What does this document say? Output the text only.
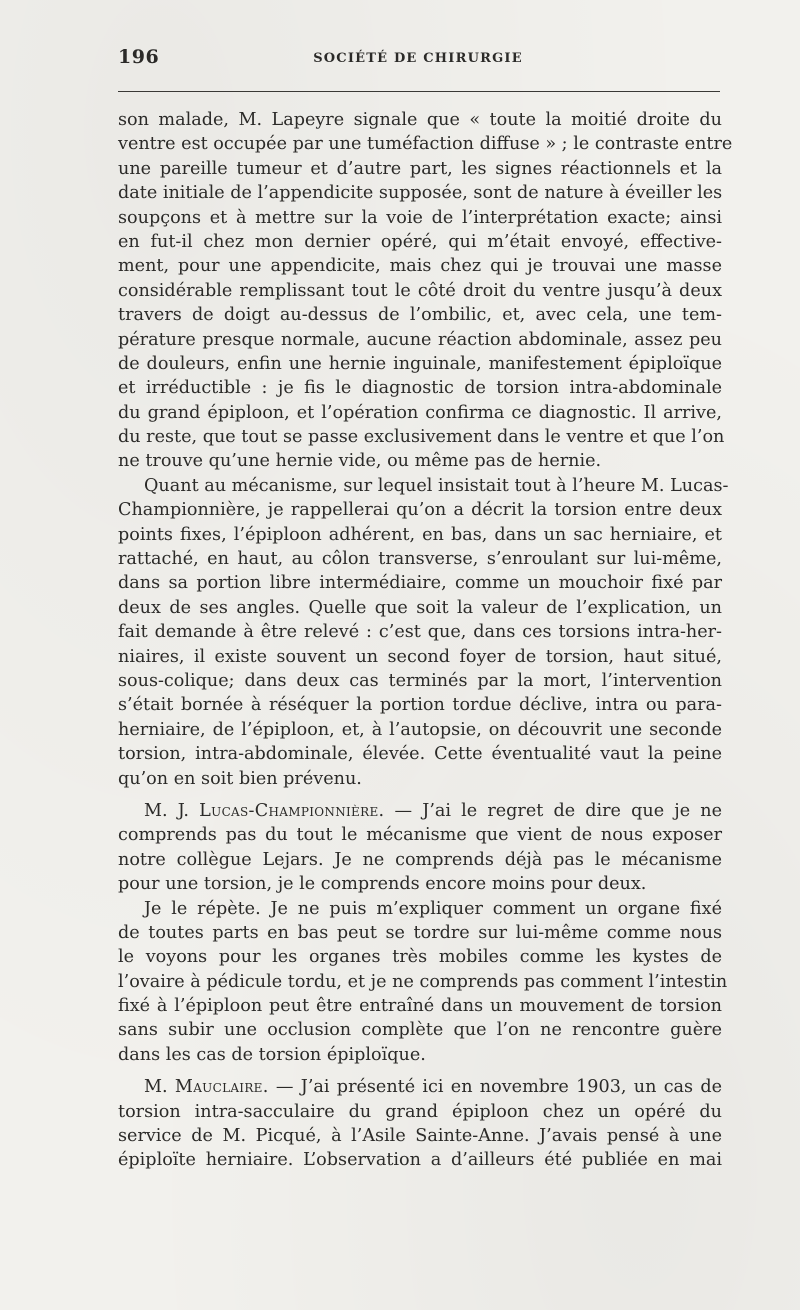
196	SOCIÉTÉ DE CHIRURGIE
son malade, M. Lapeyre signale que « toute la moitié droite du
ventre est occupée par une tuméfaction diffuse » ; le contraste entre
une pareille tumeur et d’autre part, les signes réactionnels et la
date initiale de l’appendicite supposée, sont de nature à éveiller les
soupçons et à mettre sur la voie de l’interprétation exacte; ainsi
en fut-il chez mon dernier opéré, qui m’était envoyé, effective-
ment, pour une appendicite, mais chez qui je trouvai une masse
considérable remplissant tout le côté droit du ventre jusqu’à deux
travers de doigt au-dessus de l’ombilic, et, avec cela, une tem-
pérature presque normale, aucune réaction abdominale, assez peu
de douleurs, enfin une hernie inguinale, manifestement épiploïque
et irréductible : je fis le diagnostic de torsion intra-abdominale
du grand épiploon, et l’opération confirma ce diagnostic. Il arrive,
du reste, que tout se passe exclusivement dans le ventre et que l’on
ne trouve qu’une hernie vide, ou même pas de hernie.
Quant au mécanisme, sur lequel insistait tout à l’heure M. Lucas-
Championnière, je rappellerai qu’on a décrit la torsion entre deux
points fixes, l’épiploon adhérent, en bas, dans un sac herniaire, et
rattaché, en haut, au côlon transverse, s’enroulant sur lui-même,
dans sa portion libre intermédiaire, comme un mouchoir fixé par
deux de ses angles. Quelle que soit la valeur de l’explication, un
fait demande à être relevé : c’est que, dans ces torsions intra-her-
niaires, il existe souvent un second foyer de torsion, haut situé,
sous-colique; dans deux cas terminés par la mort, l’intervention
s’était bornée à réséquer la portion tordue déclive, intra ou para-
herniaire, de l’épiploon, et, à l’autopsie, on découvrit une seconde
torsion, intra-abdominale, élevée. Cette éventualité vaut la peine
qu’on en soit bien prévenu.
M. J. Lucas-Championnière. — J’ai le regret de dire que je ne
comprends pas du tout le mécanisme que vient de nous exposer
notre collègue Lejars. Je ne comprends déjà pas le mécanisme
pour une torsion, je le comprends encore moins pour deux.
Je le répète. Je ne puis m’expliquer comment un organe fixé
de toutes parts en bas peut se tordre sur lui-même comme nous
le voyons pour les organes très mobiles comme les kystes de
l’ovaire à pédicule tordu, et je ne comprends pas comment l’intestin
fixé à l’épiploon peut être entraîné dans un mouvement de torsion
sans subir une occlusion complète que l’on ne rencontre guère
dans les cas de torsion épiploïque.
M. Mauclaire. — J’ai présenté ici en novembre 1903, un cas de
torsion intra-sacculaire du grand épiploon chez un opéré du
service de M. Picqué, à l’Asile Sainte-Anne. J’avais pensé à une
épiploïte herniaire. L’observation a d’ailleurs été publiée en mai
